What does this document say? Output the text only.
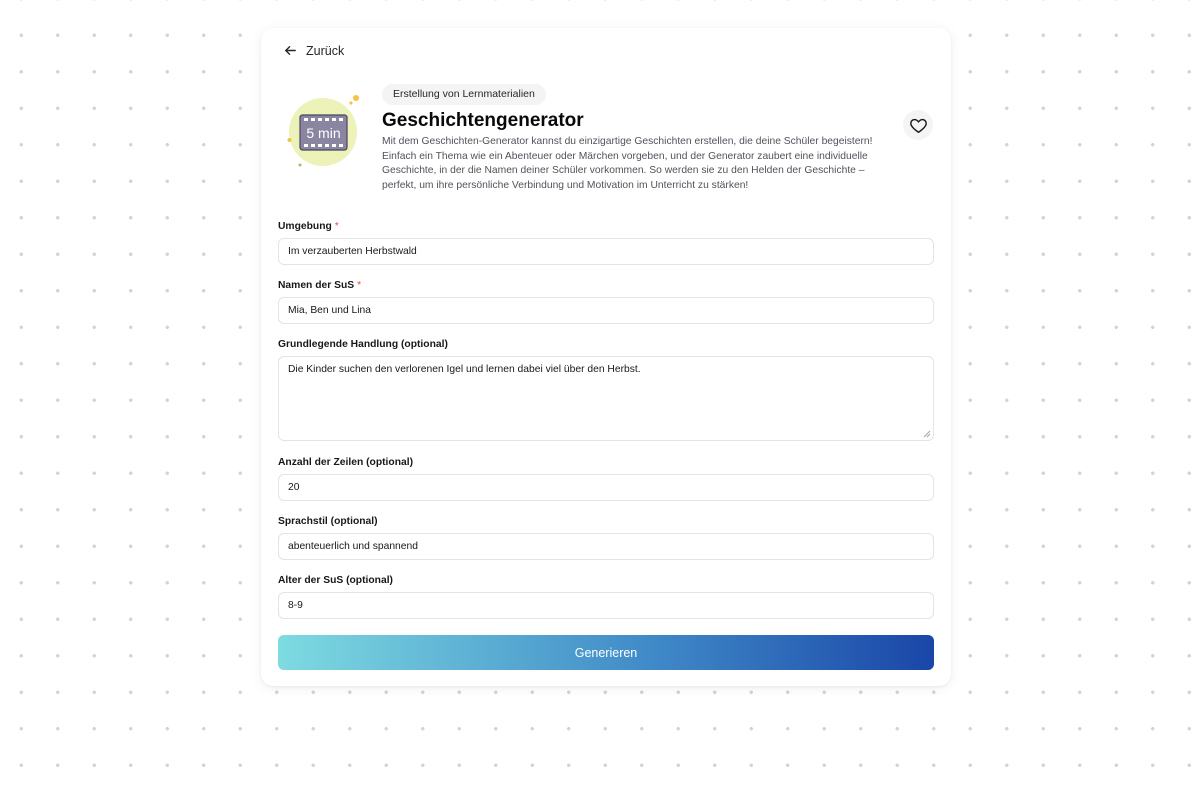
Zurück
5 min
Erstellung von Lernmaterialien
Geschichtengenerator
Mit dem Geschichten-Generator kannst du einzigartige Geschichten erstellen, die deine Schüler begeistern! Einfach ein Thema wie ein Abenteuer oder Märchen vorgeben, und der Generator zaubert eine individuelle Geschichte, in der die Namen deiner Schüler vorkommen. So werden sie zu den Helden der Geschichte – perfekt, um ihre persönliche Verbindung und Motivation im Unterricht zu stärken!
Umgebung *
Im verzauberten Herbstwald
Namen der SuS *
Mia, Ben und Lina
Grundlegende Handlung (optional)
Die Kinder suchen den verlorenen Igel und lernen dabei viel über den Herbst.
Anzahl der Zeilen (optional)
20
Sprachstil (optional)
abenteuerlich und spannend
Alter der SuS (optional)
8-9
Generieren
